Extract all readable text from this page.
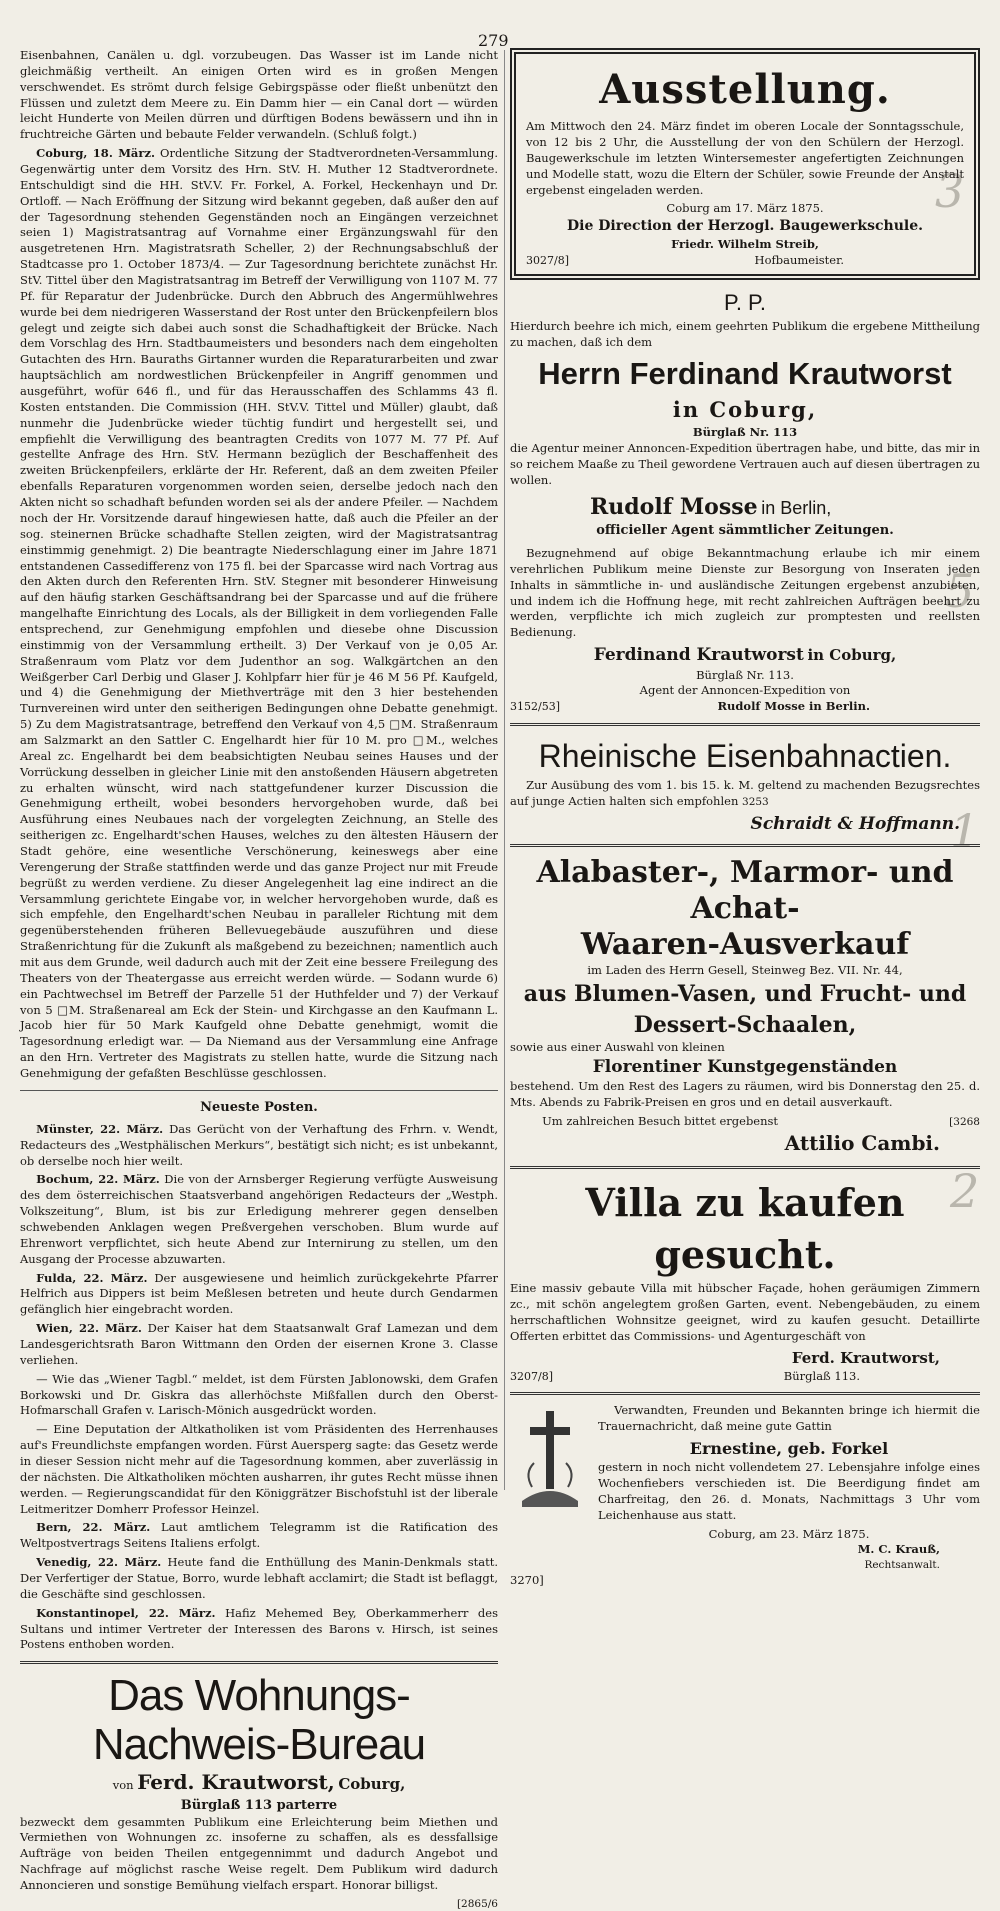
279
3
5
1
2

Eisenbahnen, Canälen u. dgl. vorzubeugen. Das Wasser ist im Lande nicht gleichmäßig vertheilt. An einigen Orten wird es in großen Mengen verschwendet. Es strömt durch felsige Gebirgspässe oder fließt unbenützt den Flüssen und zuletzt dem Meere zu. Ein Damm hier — ein Canal dort — würden leicht Hunderte von Meilen dürren und dürftigen Bodens bewässern und ihn in fruchtreiche Gärten und bebaute Felder verwandeln. (Schluß folgt.)

Coburg, 18. März. Ordentliche Sitzung der Stadtverordneten-Versammlung. Gegenwärtig unter dem Vorsitz des Hrn. StV. H. Muther 12 Stadtverordnete. Entschuldigt sind die HH. StV.V. Fr. Forkel, A. Forkel, Heckenhayn und Dr. Ortloff. — Nach Eröffnung der Sitzung wird bekannt gegeben, daß außer den auf der Tagesordnung stehenden Gegenständen noch an Eingängen verzeichnet seien 1) Magistratsantrag auf Vornahme einer Ergänzungswahl für den ausgetretenen Hrn. Magistratsrath Scheller, 2) der Rechnungsabschluß der Stadtcasse pro 1. October 1873/4. — Zur Tagesordnung berichtete zunächst Hr. StV. Tittel über den Magistratsantrag im Betreff der Verwilligung von 1107 M. 77 Pf. für Reparatur der Judenbrücke. Durch den Abbruch des Angermühlwehres wurde bei dem niedrigeren Wasserstand der Rost unter den Brückenpfeilern blos gelegt und zeigte sich dabei auch sonst die Schadhaftigkeit der Brücke. Nach dem Vorschlag des Hrn. Stadtbaumeisters und besonders nach dem eingeholten Gutachten des Hrn. Bauraths Girtanner wurden die Reparaturarbeiten und zwar hauptsächlich am nordwestlichen Brückenpfeiler in Angriff genommen und ausgeführt, wofür 646 fl., und für das Herausschaffen des Schlamms 43 fl. Kosten entstanden. Die Commission (HH. StV.V. Tittel und Müller) glaubt, daß nunmehr die Judenbrücke wieder tüchtig fundirt und hergestellt sei, und empfiehlt die Verwilligung des beantragten Credits von 1077 M. 77 Pf. Auf gestellte Anfrage des Hrn. StV. Hermann bezüglich der Beschaffenheit des zweiten Brückenpfeilers, erklärte der Hr. Referent, daß an dem zweiten Pfeiler ebenfalls Reparaturen vorgenommen worden seien, derselbe jedoch nach den Akten nicht so schadhaft befunden worden sei als der andere Pfeiler. — Nachdem noch der Hr. Vorsitzende darauf hingewiesen hatte, daß auch die Pfeiler an der sog. steinernen Brücke schadhafte Stellen zeigten, wird der Magistratsantrag einstimmig genehmigt. 2) Die beantragte Niederschlagung einer im Jahre 1871 entstandenen Cassedifferenz von 175 fl. bei der Sparcasse wird nach Vortrag aus den Akten durch den Referenten Hrn. StV. Stegner mit besonderer Hinweisung auf den häufig starken Geschäftsandrang bei der Sparcasse und auf die frühere mangelhafte Einrichtung des Locals, als der Billigkeit in dem vorliegenden Falle entsprechend, zur Genehmigung empfohlen und diesebe ohne Discussion einstimmig von der Versammlung ertheilt. 3) Der Verkauf von je 0,05 Ar. Straßenraum vom Platz vor dem Judenthor an sog. Walkgärtchen an den Weißgerber Carl Derbig und Glaser J. Kohlpfarr hier für je 46 M 56 Pf. Kaufgeld, und 4) die Genehmigung der Miethverträge mit den 3 hier bestehenden Turnvereinen wird unter den seitherigen Bedingungen ohne Debatte genehmigt. 5) Zu dem Magistratsantrage, betreffend den Verkauf von 4,5 □M. Straßenraum am Salzmarkt an den Sattler C. Engelhardt hier für 10 M. pro □M., welches Areal zc. Engelhardt bei dem beabsichtigten Neubau seines Hauses und der Vorrückung desselben in gleicher Linie mit den anstoßenden Häusern abgetreten zu erhalten wünscht, wird nach stattgefundener kurzer Discussion die Genehmigung ertheilt, wobei besonders hervorgehoben wurde, daß bei Ausführung eines Neubaues nach der vorgelegten Zeichnung, an Stelle des seitherigen zc. Engelhardt'schen Hauses, welches zu den ältesten Häusern der Stadt gehöre, eine wesentliche Verschönerung, keineswegs aber eine Verengerung der Straße stattfinden werde und das ganze Project nur mit Freude begrüßt zu werden verdiene. Zu dieser Angelegenheit lag eine indirect an die Versammlung gerichtete Eingabe vor, in welcher hervorgehoben wurde, daß es sich empfehle, den Engelhardt'schen Neubau in paralleler Richtung mit dem gegenüberstehenden früheren Bellevuegebäude auszuführen und diese Straßenrichtung für die Zukunft als maßgebend zu bezeichnen; namentlich auch mit aus dem Grunde, weil dadurch auch mit der Zeit eine bessere Freilegung des Theaters von der Theatergasse aus erreicht werden würde. — Sodann wurde 6) ein Pachtwechsel im Betreff der Parzelle 51 der Huthfelder und 7) der Verkauf von 5 □M. Straßenareal am Eck der Stein- und Kirchgasse an den Kaufmann L. Jacob hier für 50 Mark Kaufgeld ohne Debatte genehmigt, womit die Tagesordnung erledigt war. — Da Niemand aus der Versammlung eine Anfrage an den Hrn. Vertreter des Magistrats zu stellen hatte, wurde die Sitzung nach Genehmigung der gefaßten Beschlüsse geschlossen.

Neueste Posten.

Münster, 22. März. Das Gerücht von der Verhaftung des Frhrn. v. Wendt, Redacteurs des „Westphälischen Merkurs“, bestätigt sich nicht; es ist unbekannt, ob derselbe noch hier weilt.

Bochum, 22. März. Die von der Arnsberger Regierung verfügte Ausweisung des dem österreichischen Staatsverband angehörigen Redacteurs der „Westph. Volkszeitung“, Blum, ist bis zur Erledigung mehrerer gegen denselben schwebenden Anklagen wegen Preßvergehen verschoben. Blum wurde auf Ehrenwort verpflichtet, sich heute Abend zur Internirung zu stellen, um den Ausgang der Processe abzuwarten.

Fulda, 22. März. Der ausgewiesene und heimlich zurückgekehrte Pfarrer Helfrich aus Dippers ist beim Meßlesen betreten und heute durch Gendarmen gefänglich hier eingebracht worden.

Wien, 22. März. Der Kaiser hat dem Staatsanwalt Graf Lamezan und dem Landesgerichtsrath Baron Wittmann den Orden der eisernen Krone 3. Classe verliehen.

— Wie das „Wiener Tagbl.“ meldet, ist dem Fürsten Jablonowski, dem Grafen Borkowski und Dr. Giskra das allerhöchste Mißfallen durch den Oberst-Hofmarschall Grafen v. Larisch-Mönich ausgedrückt worden.

— Eine Deputation der Altkatholiken ist vom Präsidenten des Herrenhauses auf's Freundlichste empfangen worden. Fürst Auersperg sagte: das Gesetz werde in dieser Session nicht mehr auf die Tagesordnung kommen, aber zuverlässig in der nächsten. Die Altkatholiken möchten ausharren, ihr gutes Recht müsse ihnen werden. — Regierungscandidat für den Königgrätzer Bischofstuhl ist der liberale Leitmeritzer Domherr Professor Heinzel.

Bern, 22. März. Laut amtlichem Telegramm ist die Ratification des Weltpostvertrags Seitens Italiens erfolgt.

Venedig, 22. März. Heute fand die Enthüllung des Manin-Denkmals statt. Der Verfertiger der Statue, Borro, wurde lebhaft acclamirt; die Stadt ist beflaggt, die Geschäfte sind geschlossen.

Konstantinopel, 22. März. Hafiz Mehemed Bey, Oberkammerherr des Sultans und intimer Vertreter der Interessen des Barons v. Hirsch, ist seines Postens enthoben worden.

Das Wohnungs-Nachweis-Bureau
von Ferd. Krautworst, Coburg,
Bürglaß 113 parterre

bezweckt dem gesammten Publikum eine Erleichterung beim Miethen und Vermiethen von Wohnungen zc. insoferne zu schaffen, als es dessfallsige Aufträge von beiden Theilen entgegennimmt und dadurch Angebot und Nachfrage auf möglichst rasche Weise regelt. Dem Publikum wird dadurch Annoncieren und sonstige Bemühung vielfach erspart. Honorar billigst.

[2865/6
Ausstellung.

Am Mittwoch den 24. März findet im oberen Locale der Sonntagsschule, von 12 bis 2 Uhr, die Ausstellung der von den Schülern der Herzogl. Baugewerkschule im letzten Wintersemester angefertigten Zeichnungen und Modelle statt, wozu die Eltern der Schüler, sowie Freunde der Anstalt ergebenst eingeladen werden.

Coburg am 17. März 1875.
Die Direction der Herzogl. Baugewerkschule.
Friedr. Wilhelm Streib,
3027/8]	Hofbaumeister.
P. P.

Hierdurch beehre ich mich, einem geehrten Publikum die ergebene Mittheilung zu machen, daß ich dem

Herrn Ferdinand Krautworst
in Coburg,
Bürglaß Nr. 113

die Agentur meiner Annoncen-Expedition übertragen habe, und bitte, das mir in so reichem Maaße zu Theil gewordene Vertrauen auch auf diesen übertragen zu wollen.

Rudolf Mosse in Berlin,
officieller Agent sämmtlicher Zeitungen.

Bezugnehmend auf obige Bekanntmachung erlaube ich mir einem verehrlichen Publikum meine Dienste zur Besorgung von Inseraten jeden Inhalts in sämmtliche in- und ausländische Zeitungen ergebenst anzubieten, und indem ich die Hoffnung hege, mit recht zahlreichen Aufträgen beehrt zu werden, verpflichte ich mich zugleich zur promptesten und reellsten Bedienung.

Ferdinand Krautworst in Coburg,
Bürglaß Nr. 113.
Agent der Annoncen-Expedition von
3152/53]	Rudolf Mosse in Berlin.
Rheinische Eisenbahnactien.

Zur Ausübung des vom 1. bis 15. k. M. geltend zu machenden Bezugsrechtes auf junge Actien halten sich empfohlen 3253

Schraidt & Hoffmann.
Alabaster-, Marmor- und Achat-
Waaren-Ausverkauf
im Laden des Herrn Gesell, Steinweg Bez. VII. Nr. 44,
aus Blumen-Vasen, und Frucht- und Dessert-Schaalen,
sowie aus einer Auswahl von kleinen
Florentiner Kunstgegenständen

bestehend. Um den Rest des Lagers zu räumen, wird bis Donnerstag den 25. d. Mts. Abends zu Fabrik-Preisen en gros und en detail ausverkauft.

Um zahlreichen Besuch bittet ergebenst	[3268
Attilio Cambi.
Villa zu kaufen gesucht.

Eine massiv gebaute Villa mit hübscher Façade, hohen geräumigen Zimmern zc., mit schön angelegtem großen Garten, event. Nebengebäuden, zu einem herrschaftlichen Wohnsitze geeignet, wird zu kaufen gesucht. Detaillirte Offerten erbittet das Commissions- und Agenturgeschäft von

Ferd. Krautworst,
3207/8]	Bürglaß 113.

Verwandten, Freunden und Bekannten bringe ich hiermit die Trauernachricht, daß meine gute Gattin

Ernestine, geb. Forkel

gestern in noch nicht vollendetem 27. Lebensjahre infolge eines Wochenfiebers verschieden ist. Die Beerdigung findet am Charfreitag, den 26. d. Monats, Nachmittags 3 Uhr vom Leichenhause aus statt.

Coburg, am 23. März 1875.
M. C. Krauß,
Rechtsanwalt.
3270]
